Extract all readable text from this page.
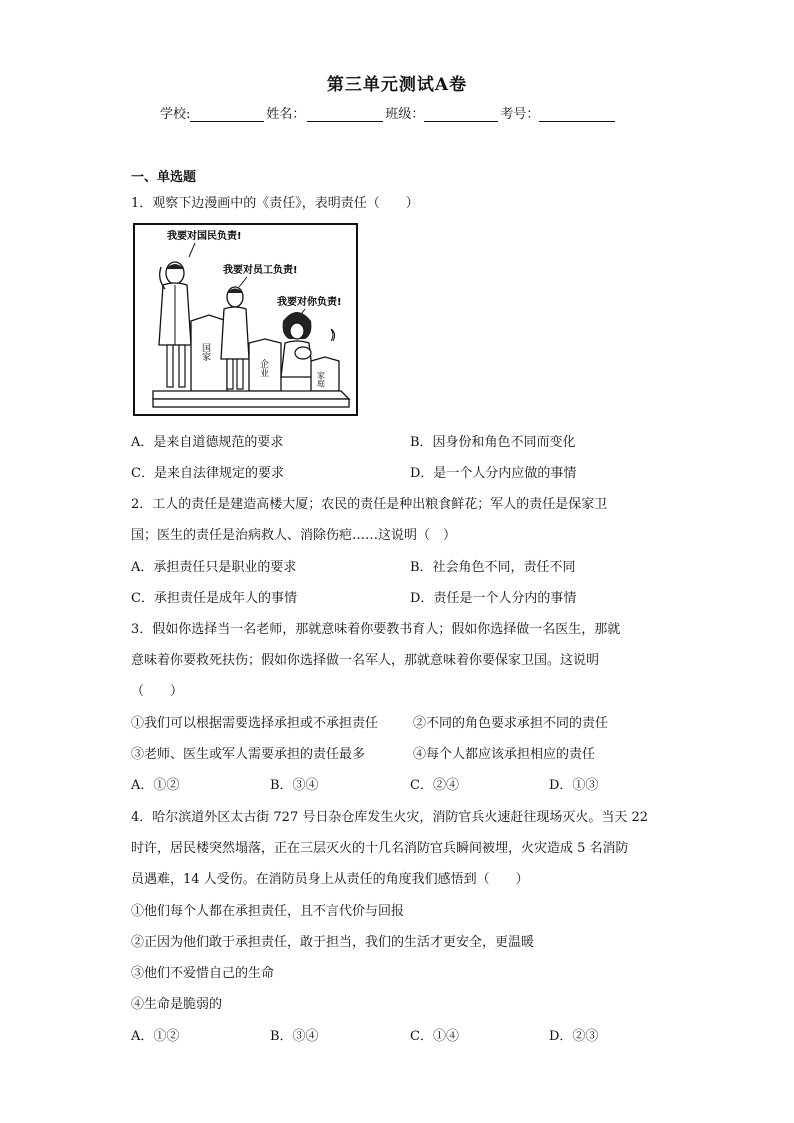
第三单元测试A卷
学校:	姓名：	班级：	考号：
一、单选题
1．观察下边漫画中的《责任》，表明责任（　　）
我要对国民负责!
我要对员工负责!
我要对你负责!
国家
企业
家庭
A．是来自道德规范的要求	B．因身份和角色不同而变化
C．是来自法律规定的要求	D．是一个人分内应做的事情
2．工人的责任是建造高楼大厦；农民的责任是种出粮食鲜花；军人的责任是保家卫
国；医生的责任是治病救人、消除伤疤……这说明（　）
A．承担责任只是职业的要求	B．社会角色不同，责任不同
C．承担责任是成年人的事情	D．责任是一个人分内的事情
3．假如你选择当一名老师，那就意味着你要教书育人；假如你选择做一名医生，那就
意味着你要救死扶伤；假如你选择做一名军人，那就意味着你要保家卫国。这说明
（　　）
①我们可以根据需要选择承担或不承担责任	②不同的角色要求承担不同的责任
③老师、医生或军人需要承担的责任最多	④每个人都应该承担相应的责任
A．①②	B．③④	C．②④	D．①③
4．哈尔滨道外区太古街 727 号日杂仓库发生火灾，消防官兵火速赶往现场灭火。当天 22
时许，居民楼突然塌落，正在三层灭火的十几名消防官兵瞬间被埋，火灾造成 5 名消防
员遇难，14 人受伤。在消防员身上从责任的角度我们感悟到（　　）
①他们每个人都在承担责任，且不言代价与回报
②正因为他们敢于承担责任，敢于担当，我们的生活才更安全，更温暖
③他们不爱惜自己的生命
④生命是脆弱的
A．①②	B．③④	C．①④	D．②③
